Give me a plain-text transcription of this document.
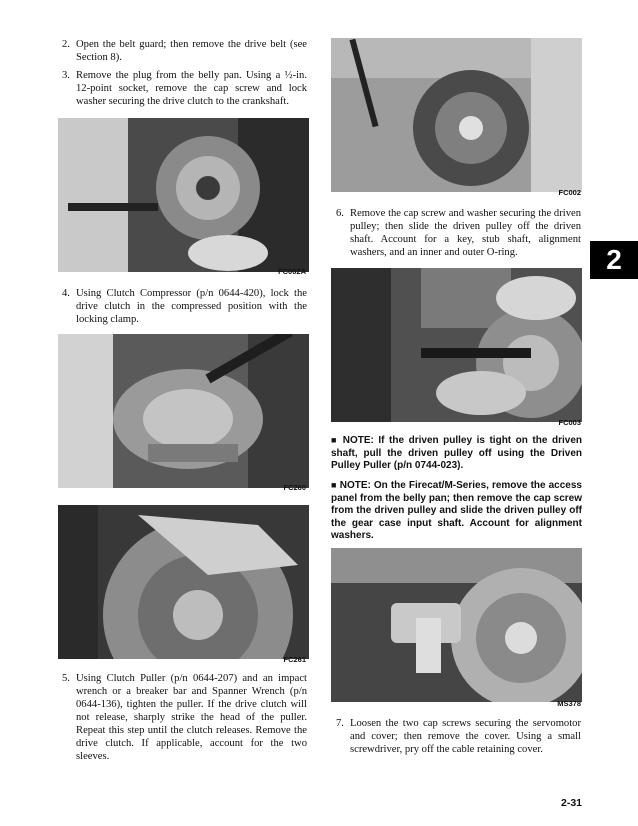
2. Open the belt guard; then remove the drive belt (see Section 8).
3. Remove the plug from the belly pan. Using a ½-in. 12-point socket, remove the cap screw and lock washer securing the drive clutch to the crankshaft.
FC002A
4. Using Clutch Compressor (p/n 0644-420), lock the drive clutch in the compressed position with the locking clamp.
FC260
FC261
5. Using Clutch Puller (p/n 0644-207) and an impact wrench or a breaker bar and Spanner Wrench (p/n 0644-136), tighten the puller. If the drive clutch will not release, sharply strike the head of the puller. Repeat this step until the clutch releases. Remove the drive clutch. If applicable, account for the two sleeves.
FC002
6. Remove the cap screw and washer securing the driven pulley; then slide the driven pulley off the driven shaft. Account for a key, stub shaft, alignment washers, and an inner and outer O-ring.
FC003
■ NOTE: If the driven pulley is tight on the driven shaft, pull the driven pulley off using the Driven Pulley Puller (p/n 0744-023).
■ NOTE: On the Firecat/M-Series, remove the access panel from the belly pan; then remove the cap screw from the driven pulley and slide the driven pulley off the gear case input shaft. Account for alignment washers.
MS378
7. Loosen the two cap screws securing the servomotor and cover; then remove the cover. Using a small screwdriver, pry off the cable retaining cover.
2
2-31
